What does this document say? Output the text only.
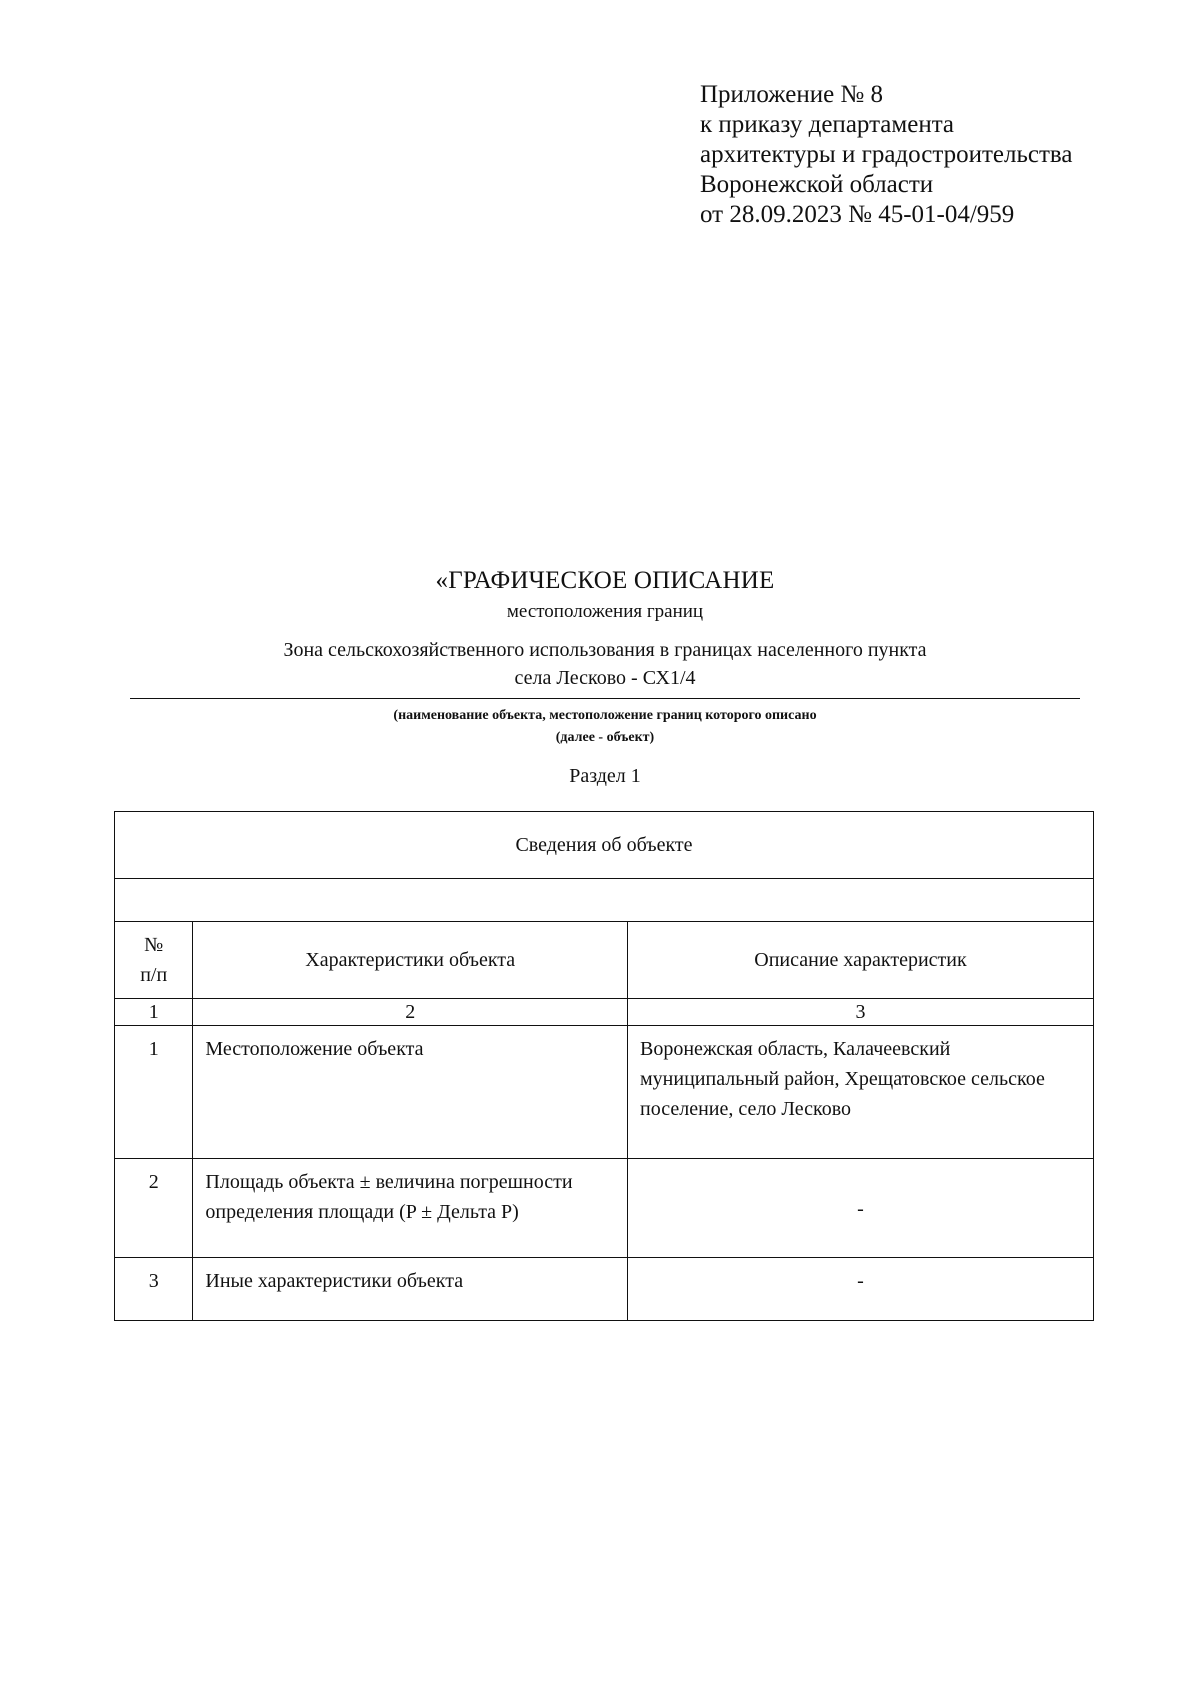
Приложение № 8
к приказу департамента
архитектуры и градостроительства
Воронежской области
от 28.09.2023 № 45-01-04/959
«ГРАФИЧЕСКОЕ ОПИСАНИЕ
местоположения границ
Зона сельскохозяйственного использования в границах населенного пункта
села Лесково - СХ1/4
(наименование объекта, местоположение границ которого описано
(далее - объект)
Раздел 1
Сведения об объекте		

№ п/п	Характеристики объекта	Описание характеристик
1	2	3
1	Местоположение объекта	Воронежская область, Калачеевский муниципальный район, Хрещатовское сельское поселение, село Лесково
2	Площадь объекта ± величина погрешности определения площади (P ± Дельта P)	-
3	Иные характеристики объекта	-
